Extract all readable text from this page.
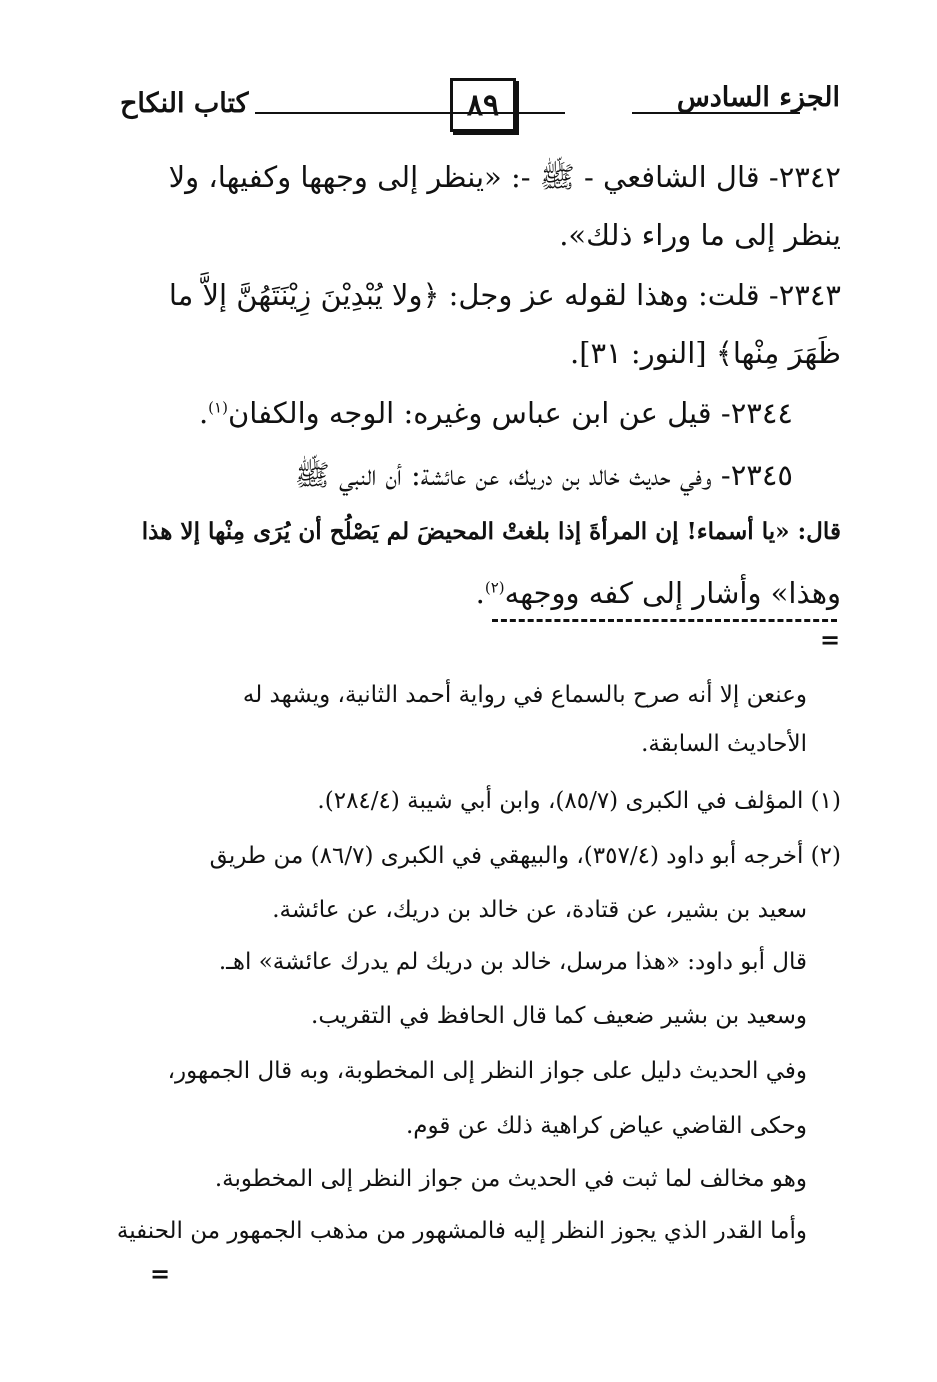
الجزء السادس
٨٩
كتاب النكاح
٢٣٤٢- قال الشافعي - ﷺ -: «ينظر إلى وجهها وكفيها، ولا
ينظر إلى ما وراء ذلك».
٢٣٤٣- قلت: وهذا لقوله عز وجل: ﴿ولا يُبْدِيْنَ زِيْنَتَهُنَّ إلاَّ ما
ظَهَرَ مِنْها﴾ [النور: ٣١].
٢٣٤٤- قيل عن ابن عباس وغيره: الوجه والكفان$^{(١)}$.
٢٣٤٥- وفي حديث خالد بن دريك، عن عائشة: أن النبي ﷺ
قال: «يا أسماء! إن المرأةَ إذا بلغتْ المحيضَ لم يَصْلُح أن يُرَى مِنْها إلا هذا
وهذا» وأشار إلى كفه ووجهه$^{(٢)}$.
=
وعنعن إلا أنه صرح بالسماع في رواية أحمد الثانية، ويشهد له
الأحاديث السابقة.
(١) المؤلف في الكبرى (٨٥/٧)، وابن أبي شيبة (٢٨٤/٤).
(٢) أخرجه أبو داود (٣٥٧/٤)، والبيهقي في الكبرى (٨٦/٧) من طريق
سعيد بن بشير، عن قتادة، عن خالد بن دريك، عن عائشة.
قال أبو داود: «هذا مرسل، خالد بن دريك لم يدرك عائشة» اهـ.
وسعيد بن بشير ضعيف كما قال الحافظ في التقريب.
وفي الحديث دليل على جواز النظر إلى المخطوبة، وبه قال الجمهور،
وحكى القاضي عياض كراهية ذلك عن قوم.
وهو مخالف لما ثبت في الحديث من جواز النظر إلى المخطوبة.
وأما القدر الذي يجوز النظر إليه فالمشهور من مذهب الجمهور من الحنفية
=
